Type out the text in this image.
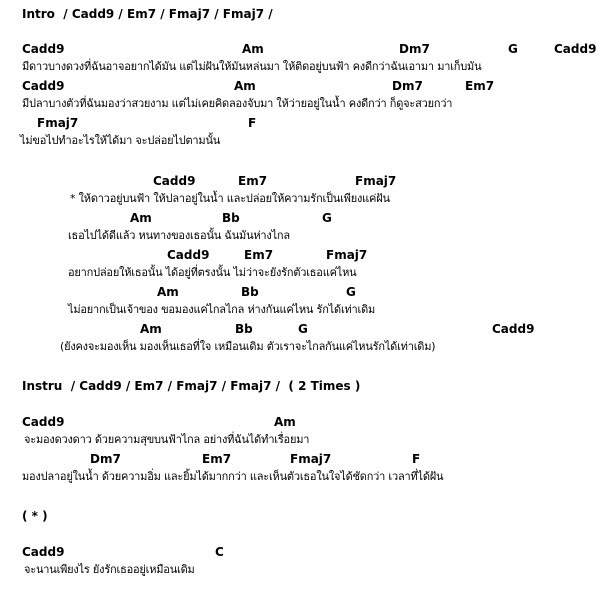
Intro  / Cadd9 / Em7 / Fmaj7 / Fmaj7 /
Cadd9	Am	Dm7	G	Cadd9
มีดาวบางดวงที่ฉันอาจอยากได้มัน แต่ไม่ฝันให้มันหล่นมา ให้ติดอยู่บนฟ้า คงดีกว่าฉันเอามา มาเก็บมัน
Cadd9	Am	Dm7	Em7
มีปลาบางตัวที่ฉันมองว่าสวยงาม แต่ไม่เคยคิดลองจับมา ให้ว่ายอยู่ในน้ำ คงดีกว่า ก็ดูจะสวยกว่า
Fmaj7	F
ไม่ขอไปทำอะไรให้ได้มา จะปล่อยไปตามนั้น
Cadd9	Em7	Fmaj7
* ให้ดาวอยู่บนฟ้า ให้ปลาอยู่ในน้ำ และปล่อยให้ความรักเป็นเพียงแค่ฝัน
Am	Bb	G
เธอไปได้ดีแล้ว หนทางของเธอนั้น ฉันมันห่างไกล
Cadd9	Em7	Fmaj7
อยากปล่อยให้เธอนั้น ได้อยู่ที่ตรงนั้น ไม่ว่าจะยังรักตัวเธอแค่ไหน
Am	Bb	G
ไม่อยากเป็นเจ้าของ ขอมองแค่ไกลไกล ห่างกันแค่ไหน รักได้เท่าเดิม
Am	Bb	G	Cadd9
(ยังคงจะมองเห็น มองเห็นเธอที่ใจ เหมือนเดิม ตัวเราจะไกลกันแค่ไหนรักได้เท่าเดิม)
Instru  / Cadd9 / Em7 / Fmaj7 / Fmaj7 /  ( 2 Times )
Cadd9	Am
จะมองดวงดาว ด้วยความสุขบนฟ้าไกล อย่างที่ฉันได้ทำเรื่อยมา
Dm7	Em7	Fmaj7	F
มองปลาอยู่ในน้ำ ด้วยความอิ่ม และยิ้มได้มากกว่า และเห็นตัวเธอในใจได้ชัดกว่า เวลาที่ได้ฝัน
( * )
Cadd9	C
จะนานเพียงไร ยังรักเธออยู่เหมือนเดิม
